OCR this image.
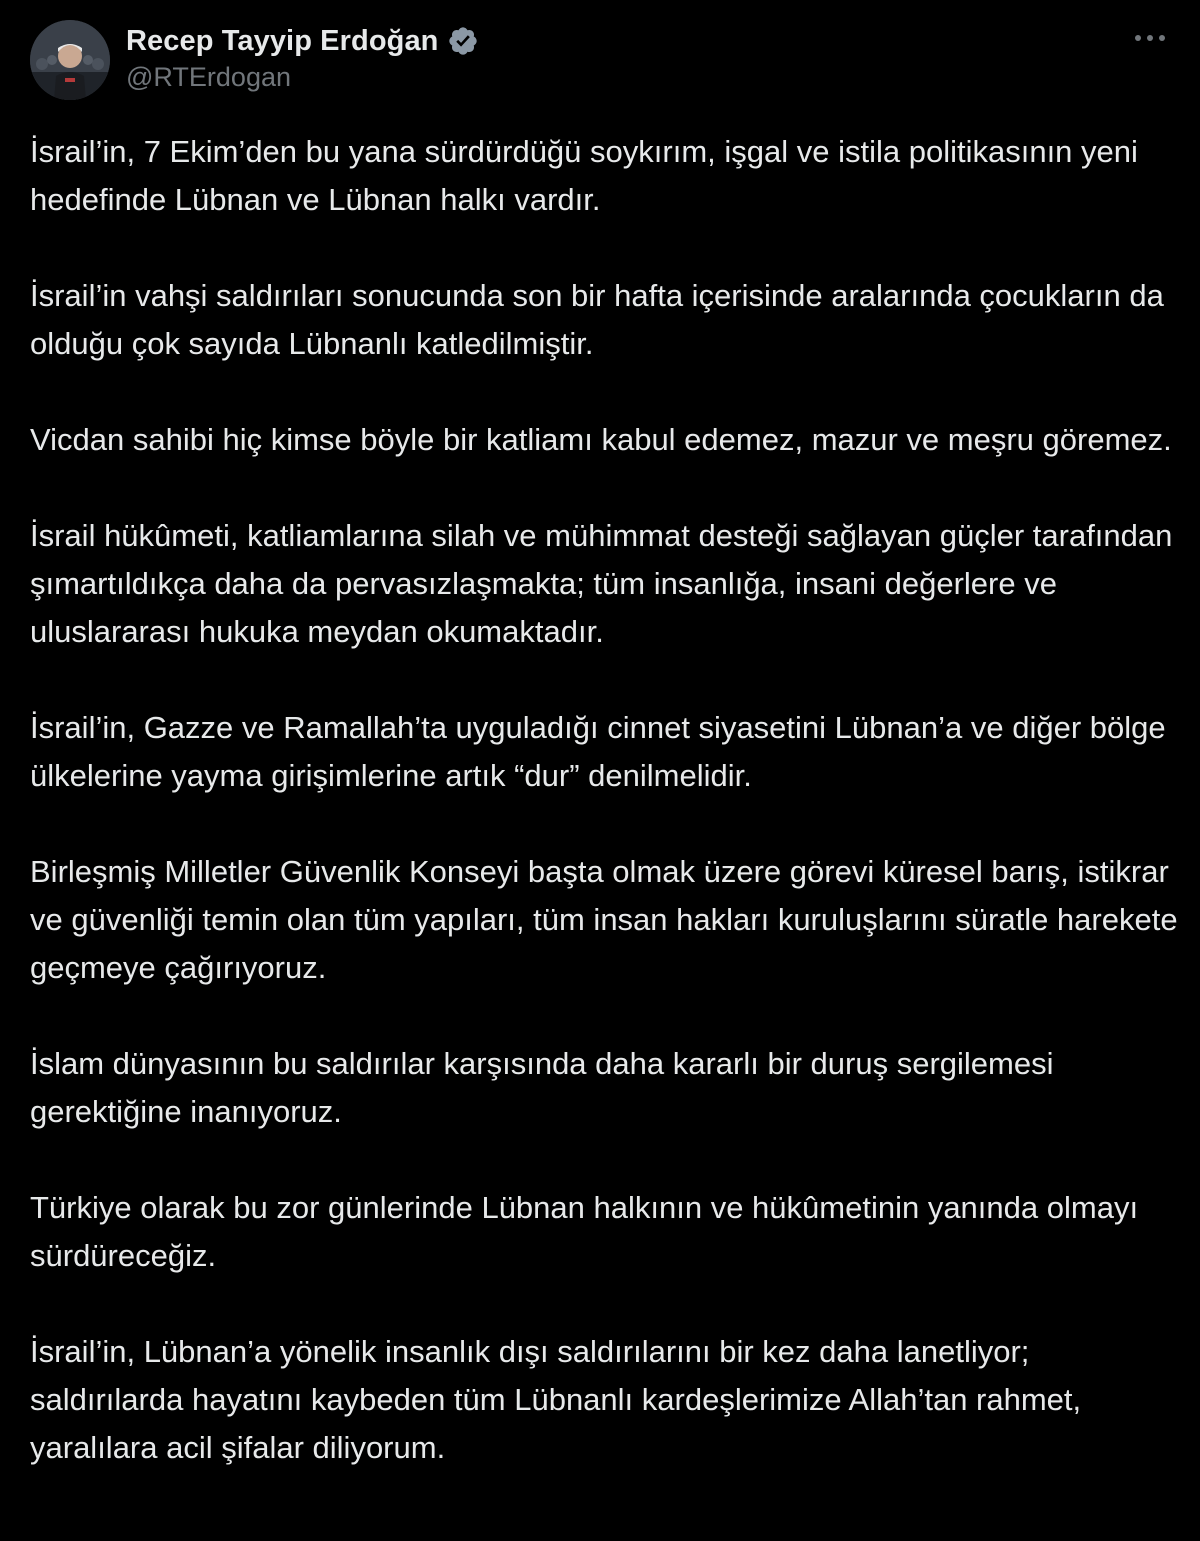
Recep Tayyip Erdoğan
@RTErdogan

İsrail’in, 7 Ekim’den bu yana sürdürdüğü soykırım, işgal ve istila politikasının yeni hedefinde Lübnan ve Lübnan halkı vardır.

İsrail’in vahşi saldırıları sonucunda son bir hafta içerisinde aralarında çocukların da olduğu çok sayıda Lübnanlı katledilmiştir.

Vicdan sahibi hiç kimse böyle bir katliamı kabul edemez, mazur ve meşru göremez.

İsrail hükûmeti, katliamlarına silah ve mühimmat desteği sağlayan güçler tarafından şımartıldıkça daha da pervasızlaşmakta; tüm insanlığa, insani değerlere ve uluslararası hukuka meydan okumaktadır.

İsrail’in, Gazze ve Ramallah’ta uyguladığı cinnet siyasetini Lübnan’a ve diğer bölge ülkelerine yayma girişimlerine artık “dur” denilmelidir.

Birleşmiş Milletler Güvenlik Konseyi başta olmak üzere görevi küresel barış, istikrar ve güvenliği temin olan tüm yapıları, tüm insan hakları kuruluşlarını süratle harekete geçmeye çağırıyoruz.

İslam dünyasının bu saldırılar karşısında daha kararlı bir duruş sergilemesi gerektiğine inanıyoruz.

Türkiye olarak bu zor günlerinde Lübnan halkının ve hükûmetinin yanında olmayı sürdüreceğiz.

İsrail’in, Lübnan’a yönelik insanlık dışı saldırılarını bir kez daha lanetliyor; saldırılarda hayatını kaybeden tüm Lübnanlı kardeşlerimize Allah’tan rahmet, yaralılara acil şifalar diliyorum.
